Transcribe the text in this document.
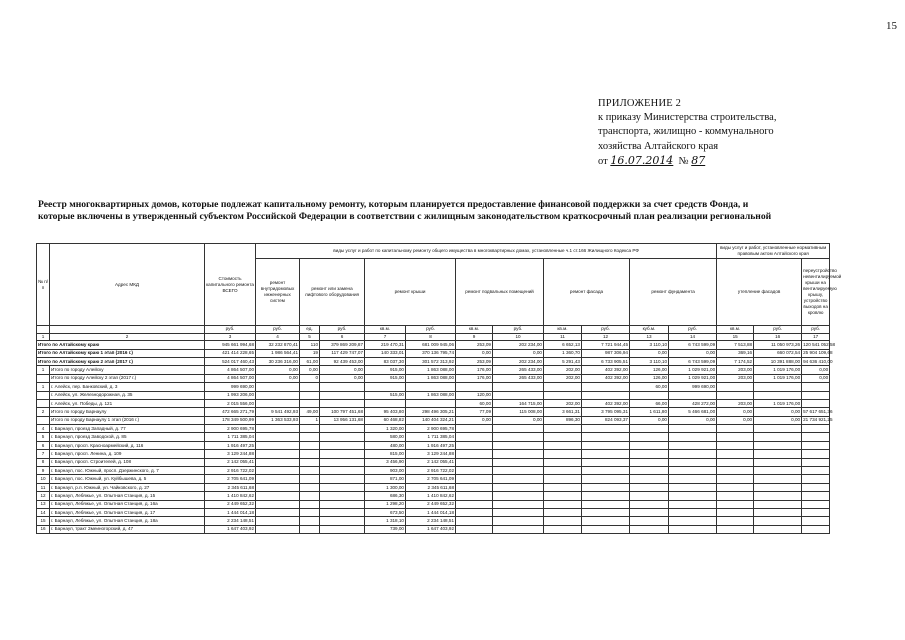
15
ПРИЛОЖЕНИЕ 2
к приказу Министерства строительства,
транспорта, жилищно - коммунального
хозяйства Алтайского края
от 16.07.2014 № 87
Реестр многоквартирных домов, которые подлежат капитальному ремонту, которым планируется предоставление финансовой поддержки за счет средств Фонда, и
которые включены в утвержденный субъектом Российской Федерации в соответствии с жилищным законодательством краткосрочный план реализации региональной
№ п/п	Адрес МКД	Стоимость капитального ремонта ВСЕГО	виды услуг и работ по капитальному ремонту общего имущества в многоквартирных домах, установленные ч.1 ст.166 Жилищного Кодекса РФ											виды услуг и работ, установленные нормативным правовым актом Алтайского края		
			ремонт внутридомовых инженерных систем	ремонт или замена лифтового оборудования		ремонт крыши		ремонт подвальных помещений		ремонт фасада		ремонт фундамента		утепление фасадов		переустройство невентилируемой крыши на вентилируемую крышу, устройство выходов на кровлю
		руб.	руб.	ед.	руб.	кв.м.	руб.	кв.м.	руб.	кв.м.	руб.	куб.м.	руб.	кв.м.	руб.	руб.
1	2	3	4	5	6	7	8	9	10	11	12	13	14	15	16	17
Итого по Алтайскому краю		945 661 994,68	32 232 870,41	110	379 869 209,87	219 470,31	681 009 945,06	253,09	202 234,00	6 652,13	7 721 944,45	3 110,10	6 743 599,09	7 513,88	11 050 973,26	120 541 052,58
Итого по Алтайскому краю 1 этап (2016 г.)		421 414 228,65	1 986 564,41	19	117 429 747,07	140 333,01	370 136 795,74	0,00	0,00	1 360,70	987 306,94	0,00	0,00	369,16	660 072,54	25 904 109,68
Итого по Алтайскому краю 2 этап (2017 г.)		524 017 460,43	30 236 316,00	61,00	92 439 453,00	83 037,30	301 572 313,92	253,09	202 234,00	5 291,43	6 733 905,51	3 110,10	6 743 599,09	7 174,52	10 391 888,00	94 636 410,00
1	Итого по городу Алейску	4 864 507,00	0,00	0,00	0,00	915,00	1 863 088,00	176,00	265 433,00	202,00	402 392,00	126,00	1 029 921,00	203,00	1 019 176,00	0,00
	Итого по городу Алейску 2 этап (2017 г.)	4 864 507,00	0,00	0	0,00	915,00	1 863 088,00	176,00	265 433,00	202,00	402 392,00	126,00	1 029 921,00	203,00	1 019 176,00	0,00
1	г. Алейск, пер. Банковский, д. 3	999 690,00										60,00	999 690,00			
	г. Алейск, ул. Железнодорожная, д. 35	1 993 206,00				515,00	1 863 088,00	120,00								
	г. Алейск, ул. Победы, д. 121	2 015 556,00						60,00	164 715,00	202,00	402 392,00	66,00	428 272,00	203,00	1 019 176,00	
2	Итого по городу Барнаулу	472 665 271,79	9 541 492,93	49,00	100 797 451,68	95 403,80	298 496 305,21	77,09	115 008,00	3 661,31	3 795 095,31	1 611,80	5 466 681,00	0,00	0,00	57 617 651,36
	Итого по городу Барнаулу 1 этап (2016 г.)	178 349 500,99	1 363 533,93	1	13 956 131,68	60 468,82	140 404 324,21	0,00	0,00	896,30	824 093,37	0,00	0,00	0,00	0,00	21 734 921,25
4	г. Барнаул, проезд Западный, д. 77	2 900 695,78				1 320,00	2 900 695,78									
5	г. Барнаул, проезд Заводской, д. 85	1 711 385,04				580,00	1 711 385,04									
6	г. Барнаул, просп. Красноармейский, д. 116	1 916 497,25				480,00	1 916 497,25									
7	г. Барнаул, просп. Ленина, д. 109	3 129 244,88				815,00	3 129 244,88									
8	г. Барнаул, просп. Строителей, д. 108	2 142 055,41				3 456,90	2 142 055,41									
9	г. Барнаул, пос. Южный, просп. Дзержинского, д. 7	2 916 722,02				903,00	2 916 722,02									
10	г. Барнаул, пос. Южный, ул. Куйбышева, д. 5	2 705 641,09				871,00	2 705 641,09									
11	г. Барнаул, р.п. Южный, ул. Чайковского, д. 27	2 345 611,68				1 300,00	2 345 611,68									
12	г. Барнаул, Лебяжье, ул. Опытная Станция, д. 15	1 410 842,62				686,30	1 410 842,62									
13	г. Барнаул, Лебяжье, ул. Опытная Станция, д. 16а	2 449 652,32				1 298,20	2 449 652,32									
14	г. Барнаул, Лебяжье, ул. Опытная Станция, д. 17	1 444 014,18				673,50	1 444 014,18									
15	г. Барнаул, Лебяжье, ул. Опытная Станция, д. 18а	2 234 148,51				1 318,10	2 234 148,51									
16	г. Барнаул, тракт Змеиногорский, д. 47	1 647 403,92				739,00	1 647 403,92									
